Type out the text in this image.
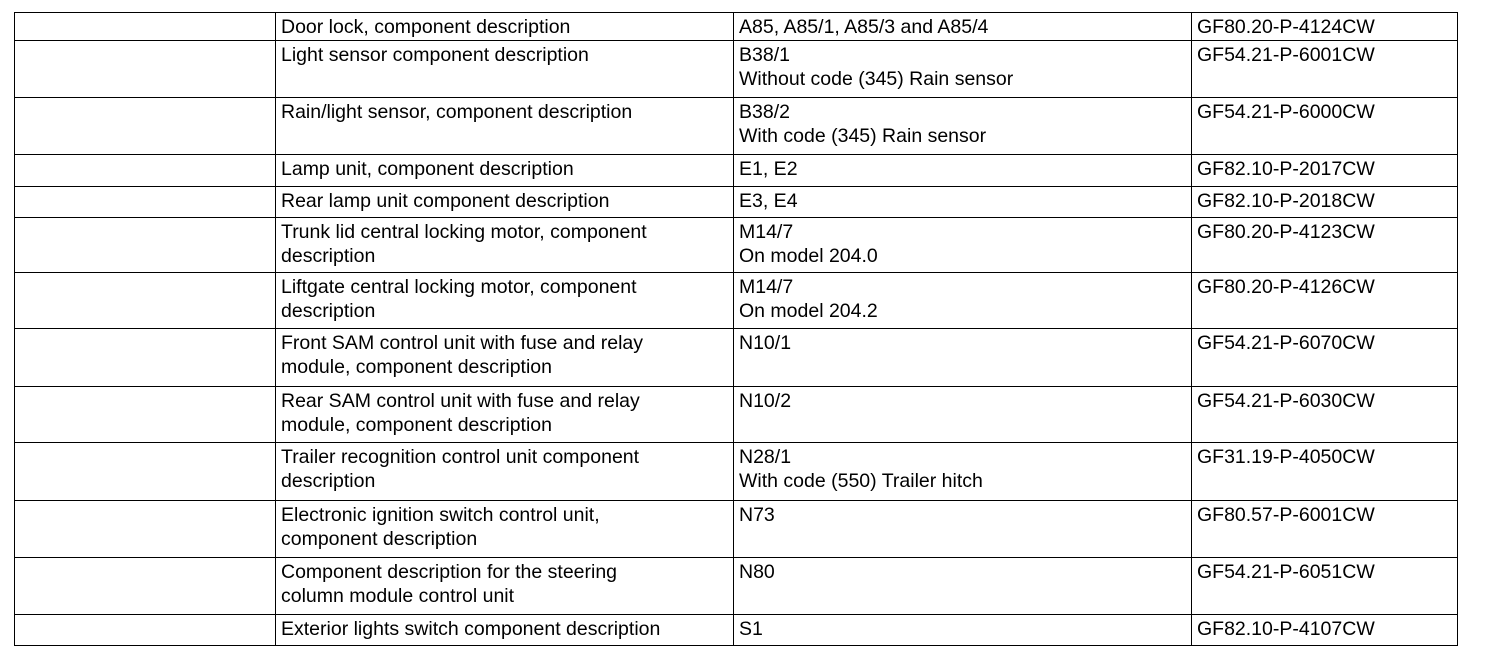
	Door lock, component description	A85, A85/1, A85/3 and A85/4	GF80.20-P-4124CW

	Light sensor component description	B38/1
Without code (345) Rain sensor	GF54.21-P-6001CW

	Rain/light sensor, component description	B38/2
With code (345) Rain sensor	GF54.21-P-6000CW

	Lamp unit, component description	E1, E2	GF82.10-P-2017CW

	Rear lamp unit component description	E3, E4	GF82.10-P-2018CW

	Trunk lid central locking motor, component
description	M14/7
On model 204.0	GF80.20-P-4123CW

	Liftgate central locking motor, component
description	M14/7
On model 204.2	GF80.20-P-4126CW

	Front SAM control unit with fuse and relay
module, component description	N10/1	GF54.21-P-6070CW

	Rear SAM control unit with fuse and relay
module, component description	N10/2	GF54.21-P-6030CW

	Trailer recognition control unit component
description	N28/1
With code (550) Trailer hitch	GF31.19-P-4050CW

	Electronic ignition switch control unit,
component description	N73	GF80.57-P-6001CW

	Component description for the steering
column module control unit	N80	GF54.21-P-6051CW

	Exterior lights switch component description	S1	GF82.10-P-4107CW
